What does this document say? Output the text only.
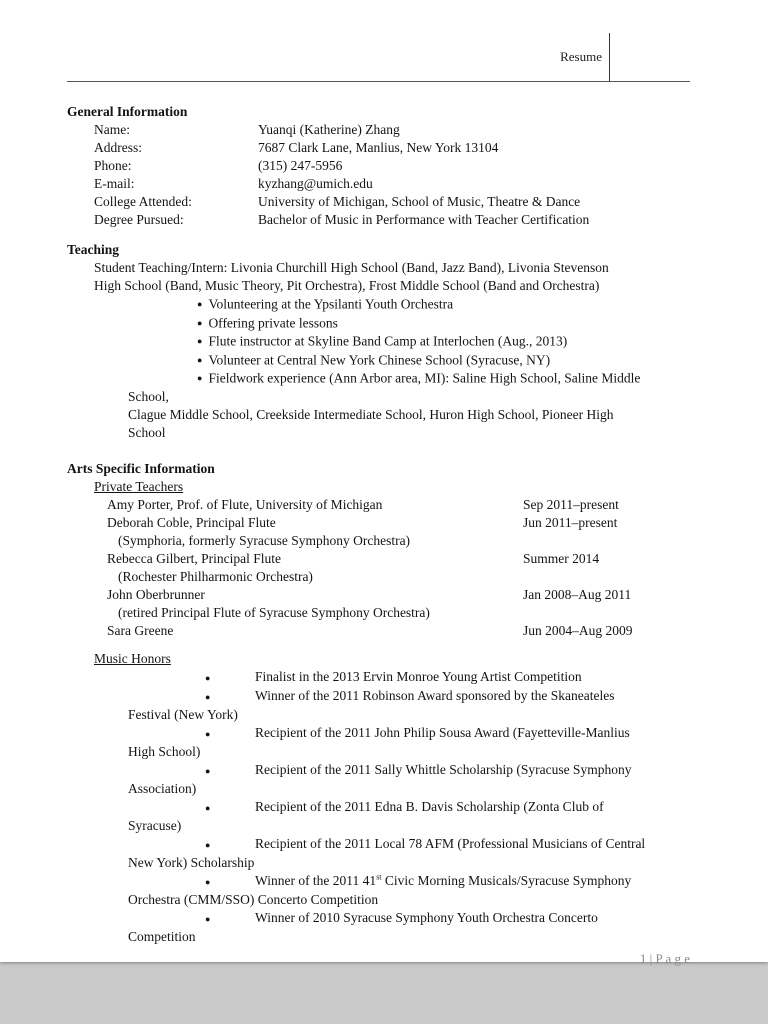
Resume
General Information
Name:	Yuanqi (Katherine) Zhang
Address:	7687 Clark Lane, Manlius, New York 13104
Phone:	(315) 247-5956
E-mail:	kyzhang@umich.edu
College Attended:	University of Michigan, School of Music, Theatre & Dance
Degree Pursued:	Bachelor of Music in Performance with Teacher Certification
Teaching
Student Teaching/Intern: Livonia Churchill High School (Band, Jazz Band), Livonia Stevenson
High School (Band, Music Theory, Pit Orchestra), Frost Middle School (Band and Orchestra)
● Volunteering at the Ypsilanti Youth Orchestra
● Offering private lessons
● Flute instructor at Skyline Band Camp at Interlochen (Aug., 2013)
● Volunteer at Central New York Chinese School (Syracuse, NY)
● Fieldwork experience (Ann Arbor area, MI): Saline High School, Saline Middle
School,
Clague Middle School, Creekside Intermediate School, Huron High School, Pioneer High
School
Arts Specific Information
Private Teachers
Amy Porter, Prof. of Flute, University of Michigan	Sep 2011–present
Deborah Coble, Principal Flute	Jun 2011–present
(Symphoria, formerly Syracuse Symphony Orchestra)
Rebecca Gilbert, Principal Flute	Summer 2014
(Rochester Philharmonic Orchestra)
John Oberbrunner	Jan 2008–Aug 2011
(retired Principal Flute of Syracuse Symphony Orchestra)
Sara Greene	Jun 2004–Aug 2009
Music Honors
●	Finalist in the 2013 Ervin Monroe Young Artist Competition
●	Winner of the 2011 Robinson Award sponsored by the Skaneateles
Festival (New York)
●	Recipient of the 2011 John Philip Sousa Award (Fayetteville-Manlius
High School)
●	Recipient of the 2011 Sally Whittle Scholarship (Syracuse Symphony
Association)
●	Recipient of the 2011 Edna B. Davis Scholarship (Zonta Club of
Syracuse)
●	Recipient of the 2011 Local 78 AFM (Professional Musicians of Central
New York) Scholarship
●	Winner of the 2011 41st Civic Morning Musicals/Syracuse Symphony
Orchestra (CMM/SSO) Concerto Competition
●	Winner of 2010 Syracuse Symphony Youth Orchestra Concerto
Competition
1 | P a g e
